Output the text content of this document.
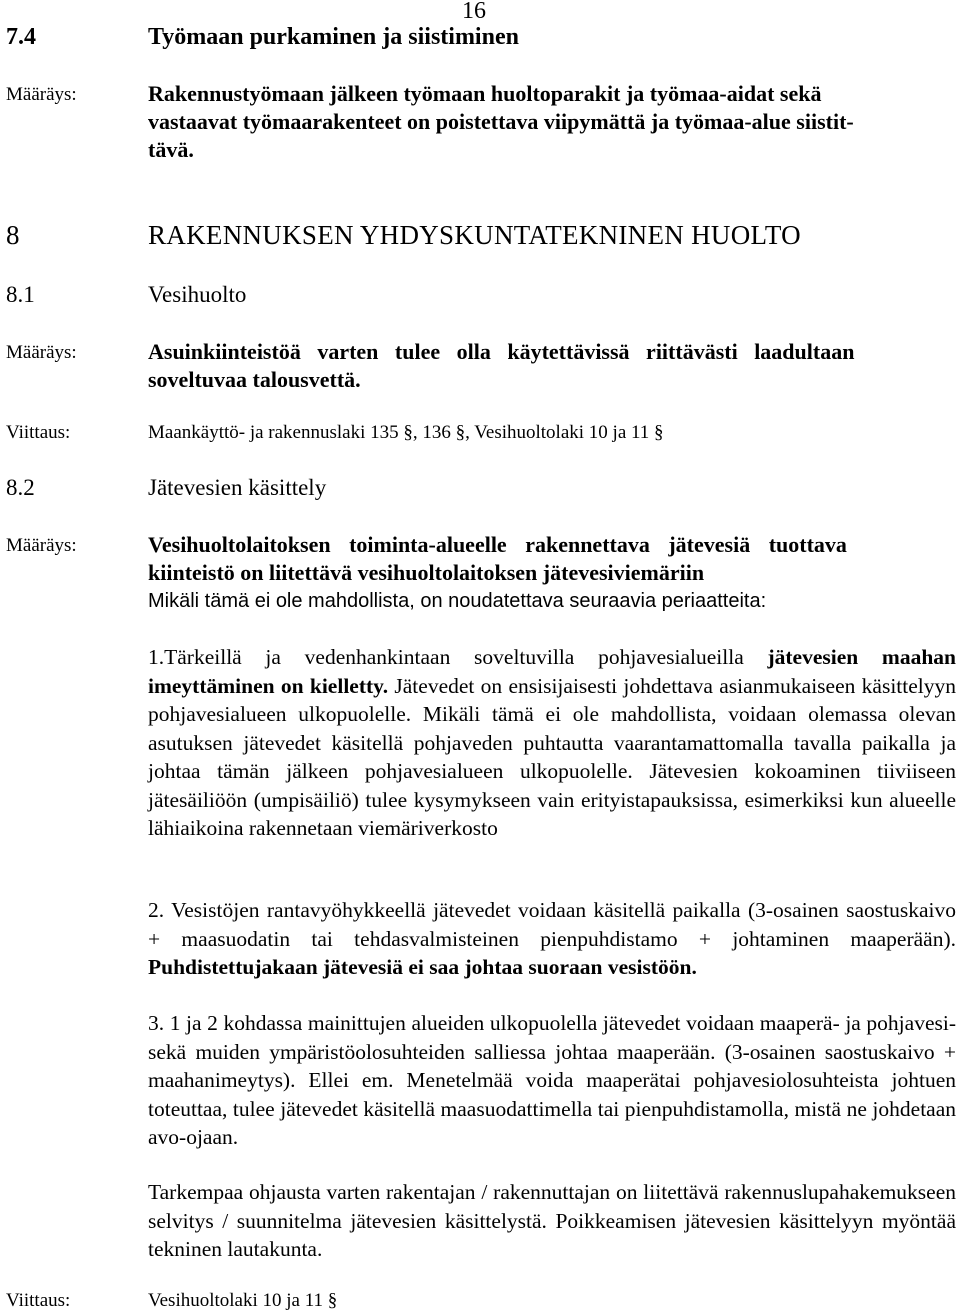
16
7.4	Työmaan purkaminen ja siistiminen
Määräys:	Rakennustyömaan jälkeen työmaan huoltoparakit ja työmaa-aidat sekä
vastaavat työmaarakenteet on poistettava viipymättä ja työmaa-alue siistit-
tävä.
8	RAKENNUKSEN YHDYSKUNTATEKNINEN HUOLTO
8.1	Vesihuolto
Määräys:	Asuinkiinteistöä varten tulee olla käytettävissä riittävästi laadultaan
soveltuvaa talousvettä.
Viittaus:	Maankäyttö- ja rakennuslaki 135 §, 136 §, Vesihuoltolaki 10 ja 11 §
8.2	Jätevesien käsittely
Määräys:	Vesihuoltolaitoksen toiminta-alueelle rakennettava jätevesiä tuottava
kiinteistö on liitettävä vesihuoltolaitoksen jätevesiviemäriin
Mikäli tämä ei ole mahdollista, on noudatettava seuraavia periaatteita:
1.Tärkeillä ja vedenhankintaan soveltuvilla pohjavesialueilla jätevesien maahan imeyttäminen on kielletty. Jätevedet on ensisijaisesti johdettava asianmukaiseen käsittelyyn pohjavesialueen ulkopuolelle. Mikäli tämä ei ole mahdollista, voidaan olemassa olevan asutuksen jätevedet käsitellä pohjaveden puhtautta vaarantamattomalla tavalla paikalla ja johtaa tämän jälkeen pohjavesialueen ulkopuolelle. Jätevesien kokoaminen tiiviiseen jätesäiliöön (umpisäiliö) tulee kysymykseen vain erityistapauksissa, esimerkiksi kun alueelle lähiaikoina rakennetaan viemäriverkosto
2. Vesistöjen rantavyöhykkeellä jätevedet voidaan käsitellä paikalla (3-osainen saostuskaivo + maasuodatin tai tehdasvalmisteinen pienpuhdistamo + johtaminen maaperään). Puhdistettujakaan jätevesiä ei saa johtaa suoraan vesistöön.
3. 1 ja 2 kohdassa mainittujen alueiden ulkopuolella jätevedet voidaan maaperä- ja pohjavesi- sekä muiden ympäristöolosuhteiden salliessa johtaa maaperään. (3-osainen saostuskaivo + maahanimeytys). Ellei em. Menetelmää voida maaperätai pohjavesiolosuhteista johtuen toteuttaa, tulee jätevedet käsitellä maasuodattimella tai pienpuhdistamolla, mistä ne johdetaan avo-ojaan.
Tarkempaa ohjausta varten rakentajan / rakennuttajan on liitettävä rakennuslupahakemukseen selvitys / suunnitelma jätevesien käsittelystä. Poikkeamisen jätevesien käsittelyyn myöntää tekninen lautakunta.
Viittaus:	Vesihuoltolaki 10 ja 11 §
